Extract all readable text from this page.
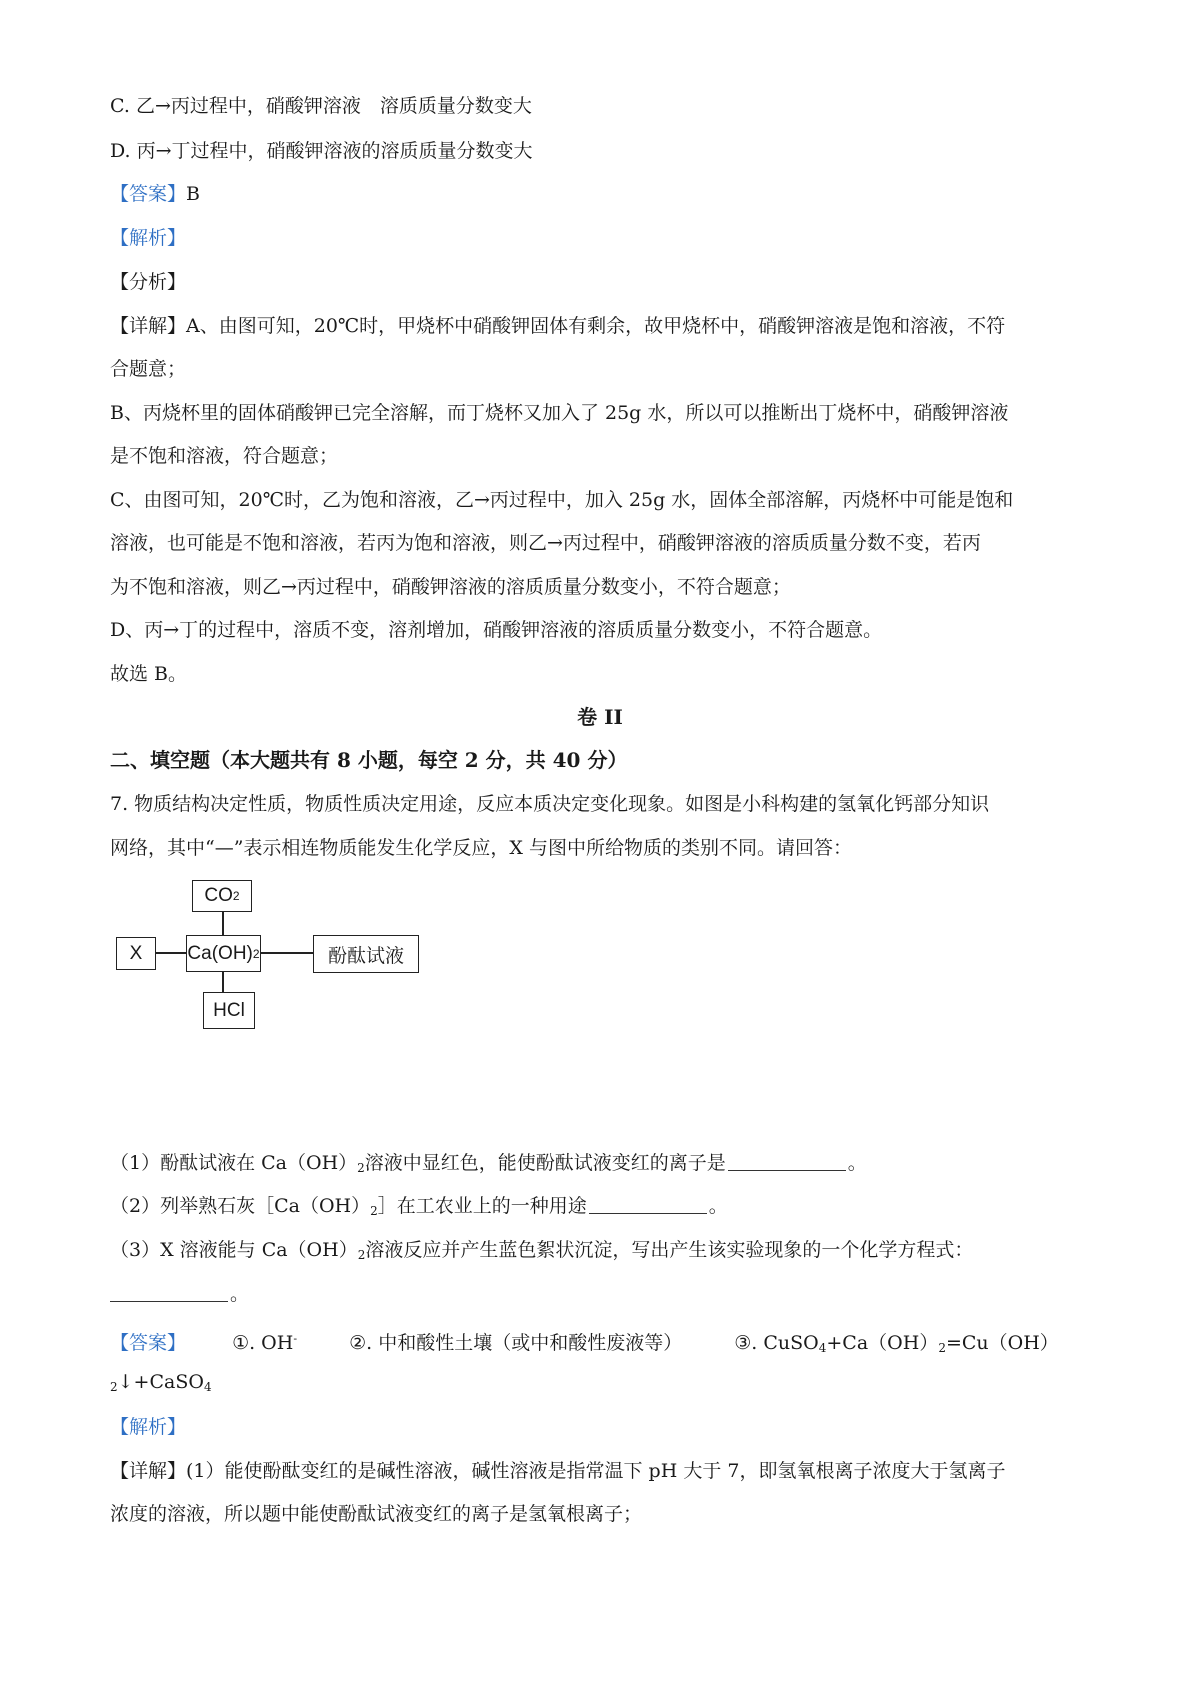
C. 乙→丙过程中，硝酸钾溶液　溶质质量分数变大
D. 丙→丁过程中，硝酸钾溶液的溶质质量分数变大
【答案】B
【解析】
【分析】
【详解】A、由图可知，20℃时，甲烧杯中硝酸钾固体有剩余，故甲烧杯中，硝酸钾溶液是饱和溶液，不符
合题意；
B、丙烧杯里的固体硝酸钾已完全溶解，而丁烧杯又加入了 25g 水，所以可以推断出丁烧杯中，硝酸钾溶液
是不饱和溶液，符合题意；
C、由图可知，20℃时，乙为饱和溶液，乙→丙过程中，加入 25g 水，固体全部溶解，丙烧杯中可能是饱和
溶液，也可能是不饱和溶液，若丙为饱和溶液，则乙→丙过程中，硝酸钾溶液的溶质质量分数不变，若丙
为不饱和溶液，则乙→丙过程中，硝酸钾溶液的溶质质量分数变小，不符合题意；
D、丙→丁的过程中，溶质不变，溶剂增加，硝酸钾溶液的溶质质量分数变小，不符合题意。
故选 B。
卷 II
二、填空题（本大题共有 8 小题，每空 2 分，共 40 分）
7. 物质结构决定性质，物质性质决定用途，反应本质决定变化现象。如图是小科构建的氢氧化钙部分知识
网络，其中“—”表示相连物质能发生化学反应，X 与图中所给物质的类别不同。请回答：
CO 2
X Ca(OH) 2	酚酞试液
HCl
（1）酚酞试液在 $Ca(OH)_2$溶液中显红色，能使酚酞试液变红的离子是	。
（2）列举熟石灰$[Ca(OH)_2]$在工农业上的一种用途	。
（3）X 溶液能与 $Ca(OH)_2$溶液反应并产生蓝色絮状沉淀，写出产生该实验现象的一个化学方程式：
。
【答案】 ①. OH-	②. 中和酸性土壤（或中和酸性废液等）	③. $CuSO_4+Ca(OH)_2=Cu(OH)$
$_2$↓+CaSO$_4$
【解析】
【详解】(1）能使酚酞变红的是碱性溶液，碱性溶液是指常温下 pH 大于 7，即氢氧根离子浓度大于氢离子
浓度的溶液，所以题中能使酚酞试液变红的离子是氢氧根离子；
